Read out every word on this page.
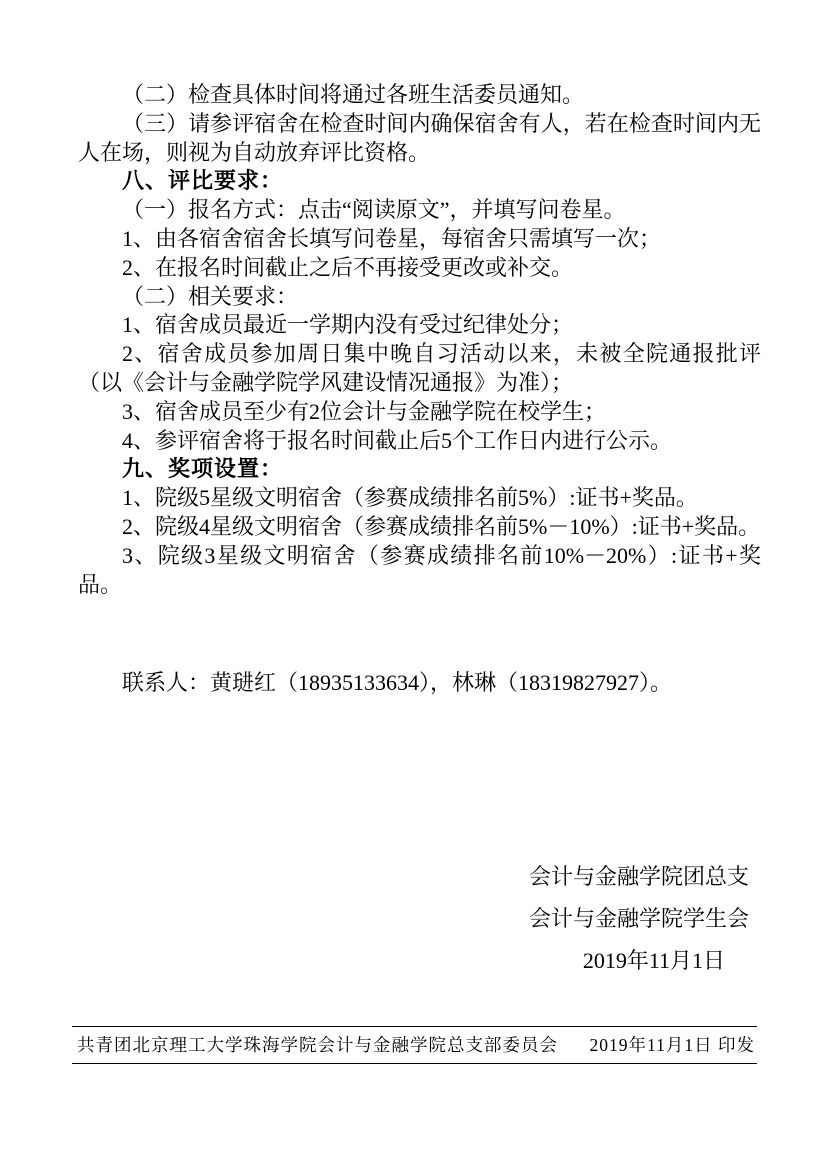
（二）检查具体时间将通过各班生活委员通知。

（三）请参评宿舍在检查时间内确保宿舍有人，若在检查时间内无人在场，则视为自动放弃评比资格。

八、评比要求：

（一）报名方式：点击“阅读原文”，并填写问卷星。

1、由各宿舍宿舍长填写问卷星，每宿舍只需填写一次；

2、在报名时间截止之后不再接受更改或补交。

（二）相关要求：

1、宿舍成员最近一学期内没有受过纪律处分；

2、宿舍成员参加周日集中晚自习活动以来，未被全院通报批评（以《会计与金融学院学风建设情况通报》为准）；

3、宿舍成员至少有2位会计与金融学院在校学生；

4、参评宿舍将于报名时间截止后5个工作日内进行公示。

九、奖项设置：

1、院级5星级文明宿舍（参赛成绩排名前5%）:证书+奖品。

2、院级4星级文明宿舍（参赛成绩排名前5%－10%）:证书+奖品。

3、院级3星级文明宿舍（参赛成绩排名前10%－20%）:证书+奖品。

联系人：黄琎红（18935133634），林琳（18319827927）。

会计与金融学院团总支

会计与金融学院学生会

2019年11月1日

共青团北京理工大学珠海学院会计与金融学院总支部委员会 2019年11月1日 印发
